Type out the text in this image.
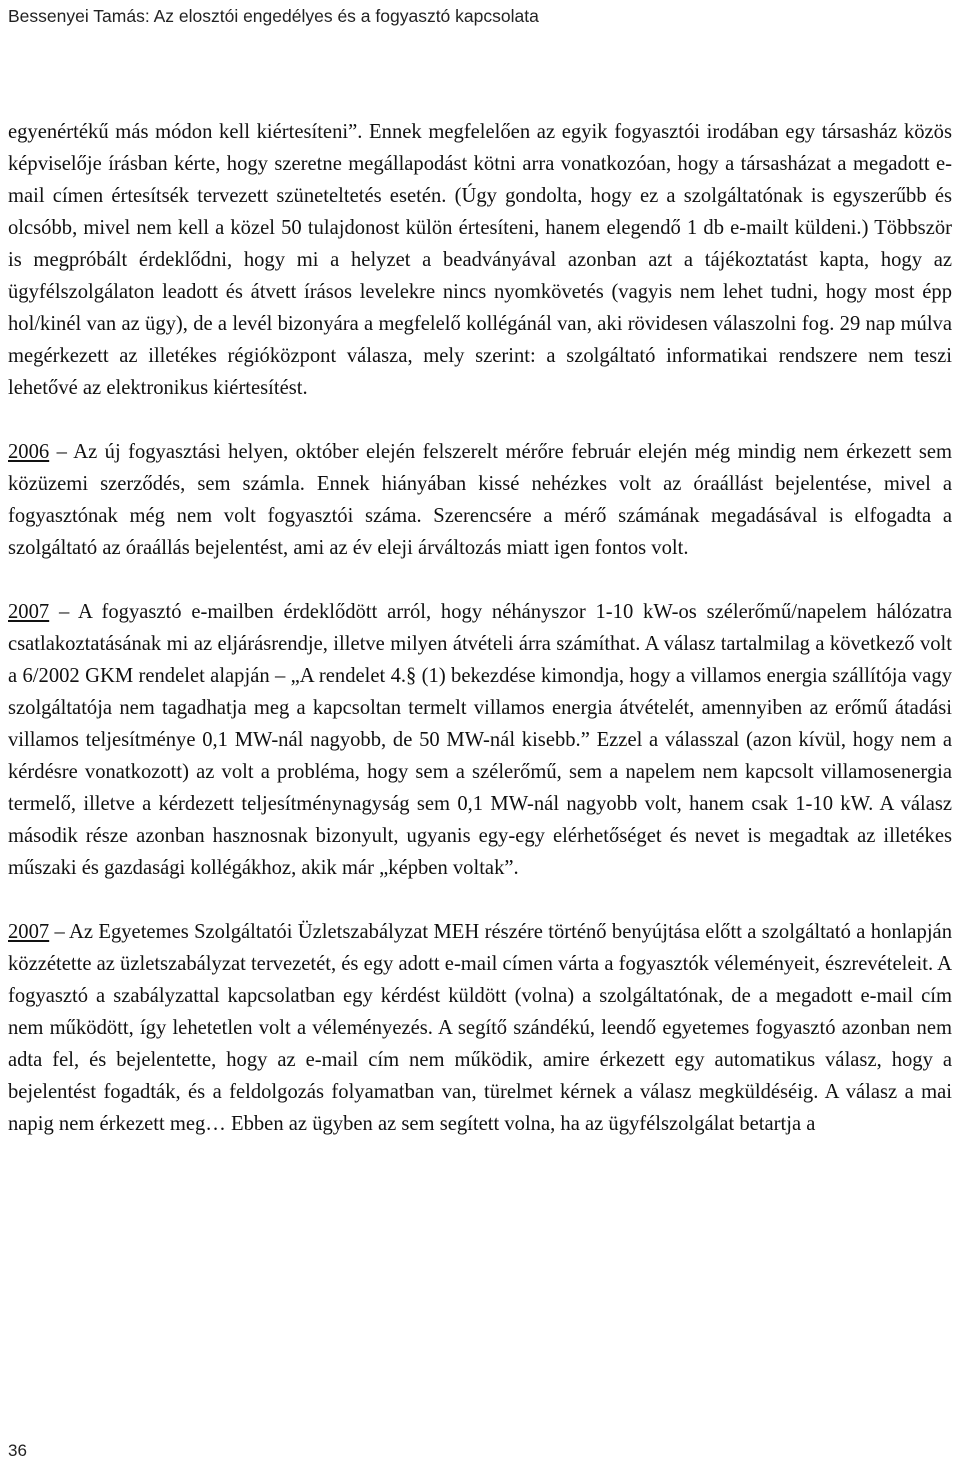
Bessenyei Tamás: Az elosztói engedélyes és a fogyasztó kapcsolata

egyenértékű más módon kell kiértesíteni”. Ennek megfelelően az egyik fogyasztói irodában egy társasház közös képviselője írásban kérte, hogy szeretne megállapodást kötni arra vonatkozóan, hogy a társasházat a megadott e-mail címen értesítsék tervezett szüneteltetés esetén. (Úgy gondolta, hogy ez a szolgáltatónak is egyszerűbb és olcsóbb, mivel nem kell a közel 50 tulajdonost külön értesíteni, hanem elegendő 1 db e-mailt küldeni.) Többször is megpróbált érdeklődni, hogy mi a helyzet a beadványával azonban azt a tájékoztatást kapta, hogy az ügyfélszolgálaton leadott és átvett írásos levelekre nincs nyomkövetés (vagyis nem lehet tudni, hogy most épp hol/kinél van az ügy), de a levél bizonyára a megfelelő kollégánál van, aki rövidesen válaszolni fog. 29 nap múlva megérkezett az illetékes régióközpont válasza, mely szerint: a szolgáltató informatikai rendszere nem teszi lehetővé az elektronikus kiértesítést.

2006 – Az új fogyasztási helyen, október elején felszerelt mérőre február elején még mindig nem érkezett sem közüzemi szerződés, sem számla. Ennek hiányában kissé nehézkes volt az óraállást bejelentése, mivel a fogyasztónak még nem volt fogyasztói száma. Szerencsére a mérő számának megadásával is elfogadta a szolgáltató az óraállás bejelentést, ami az év eleji árváltozás miatt igen fontos volt.

2007 – A fogyasztó e-mailben érdeklődött arról, hogy néhányszor 1-10 kW-os szélerőmű/napelem hálózatra csatlakoztatásának mi az eljárásrendje, illetve milyen átvételi árra számíthat. A válasz tartalmilag a következő volt a 6/2002 GKM rendelet alapján – „A rendelet 4.§ (1) bekezdése kimondja, hogy a villamos energia szállítója vagy szolgáltatója nem tagadhatja meg a kapcsoltan termelt villamos energia átvételét, amennyiben az erőmű átadási villamos teljesítménye 0,1 MW-nál nagyobb, de 50 MW-nál kisebb.” Ezzel a válasszal (azon kívül, hogy nem a kérdésre vonatkozott) az volt a probléma, hogy sem a szélerőmű, sem a napelem nem kapcsolt villamosenergia termelő, illetve a kérdezett teljesítménynagyság sem 0,1 MW-nál nagyobb volt, hanem csak 1-10 kW. A válasz második része azonban hasznosnak bizonyult, ugyanis egy-egy elérhetőséget és nevet is megadtak az illetékes műszaki és gazdasági kollégákhoz, akik már „képben voltak”.

2007 – Az Egyetemes Szolgáltatói Üzletszabályzat MEH részére történő benyújtása előtt a szolgáltató a honlapján közzétette az üzletszabályzat tervezetét, és egy adott e-mail címen várta a fogyasztók véleményeit, észrevételeit. A fogyasztó a szabályzattal kapcsolatban egy kérdést küldött (volna) a szolgáltatónak, de a megadott e-mail cím nem működött, így lehetetlen volt a véleményezés. A segítő szándékú, leendő egyetemes fogyasztó azonban nem adta fel, és bejelentette, hogy az e-mail cím nem működik, amire érkezett egy automatikus válasz, hogy a bejelentést fogadták, és a feldolgozás folyamatban van, türelmet kérnek a válasz megküldéséig. A válasz a mai napig nem érkezett meg… Ebben az ügyben az sem segített volna, ha az ügyfélszolgálat betartja a

36
